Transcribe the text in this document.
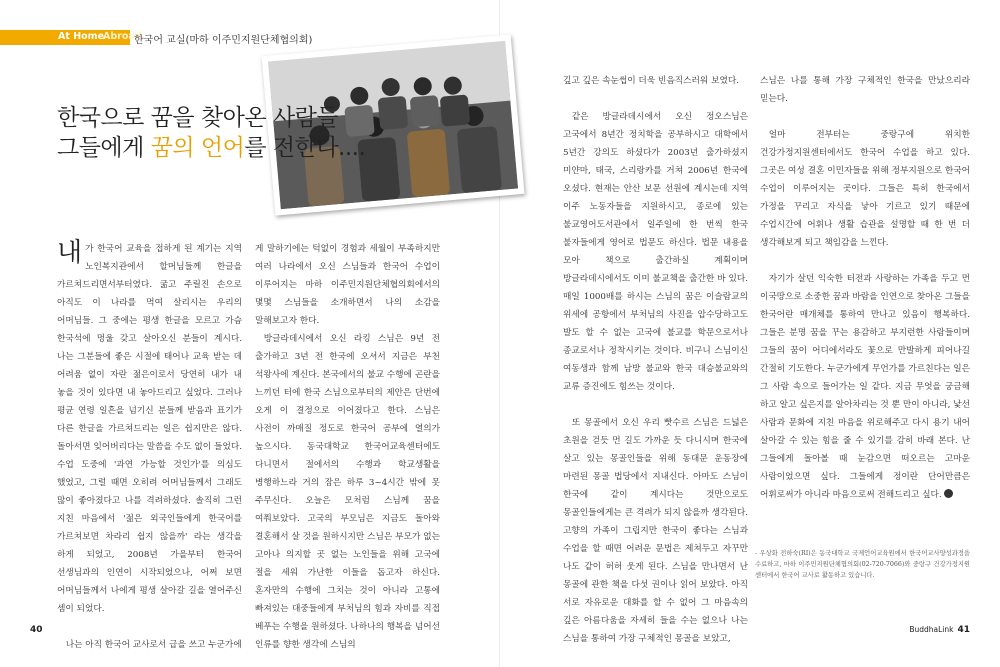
At Home
Abroad
한국어 교실(마하 이주민지원단체협의회)
한국으로 꿈을 찾아온 사람들
그들에게 꿈의 언어를 전한다....

내가 한국어 교육을 접하게 된 계기는 지역 노인복지관에서 할머님들께 한글을 가르쳐드리면서부터였다. 굶고 주릴진 손으로 아직도 이 나라를 먹여 살리시는 우리의 어머님들. 그 중에는 평생 한글을 모르고 가슴 한국석에 멍울 갖고 살아오신 분들이 계시다. 나는 그분들에 좋은 시절에 태어나 교육 받는 데 어려움 없이 자란 젊은이로서 당연히 내가 내 놓을 것이 있다면 내 놓아드리고 싶었다. 그러나 평균 연령 일흔을 넘기신 분들께 받음과 표기가 다른 한글을 가르쳐드리는 일은 쉽지만은 않다. 돌아서면 잊어버리다는 말씀을 수도 없이 들었다. 수업 도중에 '과연 가능할 것인가'를 의심도 했었고, 그럴 때면 오히려 어머님들께서 그래도 많이 좋아졌다고 나를 격려하셨다. 솔직히 그런 지친 마음에서 '젊은 외국인들에게 한국어를 가르쳐보면 차라리 쉽지 않을까' 라는 생각을 하게 되었고, 2008년 가을부터 한국어 선생님과의 인연이 시작되었으나, 어쩌 보면 어머님들께서 나에게 평생 살아갈 길을 열어주신 셈이 되었다.

나는 아직 한국어 교사로서 급을 쓰고 누군가에

게 말하기에는 턱없이 경험과 세월이 부족하지만 여러 나라에서 오신 스님들과 한국어 수업이 이루어지는 마하 이주민지원단체협의회에서의 몇몇 스님들을 소개하면서 나의 소감을 말해보고자 한다.

방글라데시에서 오신 라킹 스님은 9년 전 출가하고 3년 전 한국에 오셔서 지금은 부천 석왕사에 계신다. 본국에서의 불교 수행에 곤란을 느끼던 터에 한국 스님으로부터의 제안은 단번에 오게 이 결정으로 이어졌다고 한다. 스님은 사전이 까매질 정도로 한국어 공부에 열의가 높으시다. 동국대학교 한국어교육센터에도 다니면서 절에서의 수행과 학교생활을 병행하느라 거의 잠은 하루 3~4시간 밖에 못 주무신다. 오늘은 모처럼 스님께 꿈을 여쭤보았다. 고국의 부모님은 지금도 돌아와 결혼해서 살 것을 원하시지만 스님은 부모가 없는 고아나 의지할 곳 없는 노인들을 위해 고국에 절을 세워 가난한 이들을 돕고자 하신다. 혼자만의 수행에 그치는 것이 아니라 고통에 빠져있는 대중들에게 부처님의 힘과 자비를 직접 베푸는 수행을 원하셨다. 나하나의 행복을 넘어선 인류를 향한 생각에 스님의

깊고 깊은 속눈썹이 더욱 빈음직스러워 보였다.

같은 방글라데시에서 오신 정오스님은 고국에서 8년간 정치학을 공부하시고 대학에서 5년간 강의도 하셨다가 2003년 출가하셨지 미얀마, 태국, 스리랑카를 거쳐 2006년 한국에 오셨다. 현재는 안산 보문 선원에 계시는데 지역 이주 노동자들을 지원하시고, 종로에 있는 불교영어도서관에서 일주일에 한 번씩 한국 불자들에게 영어로 법문도 하신다. 법문 내용을 모아 책으로 출간하실 계획이며 방글라데시에서도 이미 불교책을 출간한 바 있다. 매일 1000배를 하시는 스님의 꿈은 이슬람교의 위세에 공항에서 부처님의 사진을 압수당하고도 발도 할 수 없는 고국에 불교를 학문으로서나 종교로서나 정착시키는 것이다. 비구니 스님이신 여동생과 함께 남방 불교와 한국 대승불교와의 교류 증진에도 힘쓰는 것이다.

또 몽골에서 오신 우리 빳수르 스님은 드넓은 초원을 걷듯 먼 길도 가까운 듯 다니시며 한국에 살고 있는 몽골인들을 위해 동대문 운동장에 마련된 몽골 법당에서 지내신다. 아마도 스님이 한국에 같이 계시다는 것만으로도 몽골인들에게는 큰 격려가 되지 않을까 생각된다. 고향의 가족이 그립지만 한국이 좋다는 스님과 수업을 할 때면 어려운 문법은 제쳐두고 자꾸만 나도 같이 허허 웃게 된다. 스님을 만나면서 난 몽골에 관한 책을 다섯 권이나 읽어 보았다. 아직 서로 자유로운 대화를 할 수 없어 그 마음속의 깊은 아름다움을 자세히 들을 수는 없으나 나는 스님을 통하여 가장 구체적인 몽골을 보았고,

스님은 나를 통해 가장 구체적인 한국을 만났으리라 믿는다.

얼마 전부터는 중랑구에 위치한 건강가정지원센터에서도 한국어 수업을 하고 있다. 그곳은 여성 결혼 이민자들을 위해 정부지원으로 한국어 수업이 이루어지는 곳이다. 그들은 특히 한국에서 가정을 꾸리고 자식을 낳아 기르고 있기 때문에 수업시간에 어휘나 생활 습관을 설명할 때 한 번 더 생각해보게 되고 책임감을 느낀다.

자기가 살던 익숙한 터전과 사랑하는 가족을 두고 먼 이국땅으로 소중한 꿈과 바람을 인연으로 찾아온 그들을 한국어란 매개체를 통하여 만나고 있음이 행복하다. 그들은 분명 꿈을 꾸는 용감하고 부지런한 사람들이며 그들의 꿈이 어디에서라도 꽃으로 만발하게 피어나길 간절히 기도한다. 누군가에게 무언가를 가르친다는 일은 그 사람 속으로 들어가는 일 같다. 지금 무엇을 궁금해 하고 알고 싶은지를 알아차리는 것 뿐 만이 아니라, 낯선 사람과 문화에 지친 마음을 위로해주고 다시 용기 내어 살아갈 수 있는 힘을 줄 수 있기를 감히 바래 본다. 난 그들에게 돌아볼 때 눈감으면 떠오르는 고마운 사람이었으면 싶다. 그들에게 정이란 단어만큼은 어휘로써가 아니라 마음으로써 전해드리고 싶다.

- 우상화 전하숙(RI)은 동국대학교 국제언어교육원에서 한국어교사양성과정을 수료하고, 마하 이주민지원단체협의회(02-720-7066)와 중랑구 건강가정지원센터에서 한국어 교사로 활동하고 있습니다.
40	BuddhaLink 41
